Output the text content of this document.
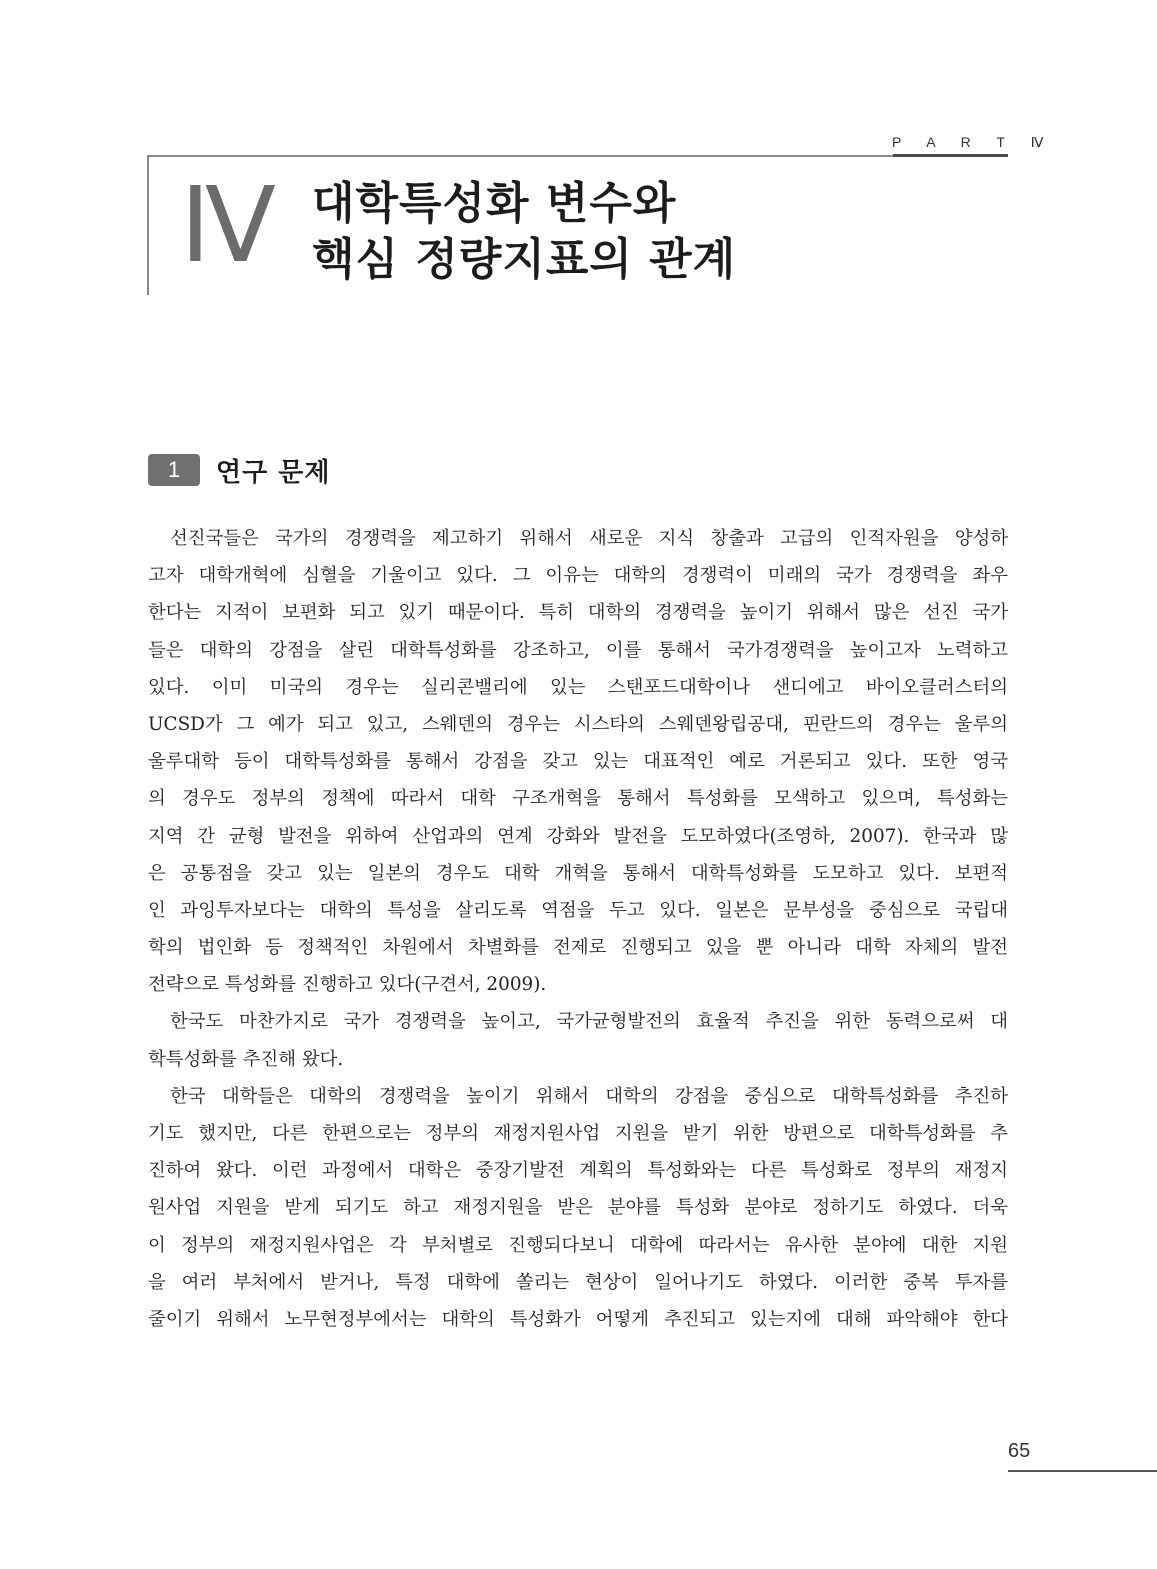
P A R T Ⅳ
Ⅳ 대학특성화 변수와
핵심 정량지표의 관계
1	연구 문제
선진국들은 국가의 경쟁력을 제고하기 위해서 새로운 지식 창출과 고급의 인적자원을 양성하
고자 대학개혁에 심혈을 기울이고 있다. 그 이유는 대학의 경쟁력이 미래의 국가 경쟁력을 좌우
한다는 지적이 보편화 되고 있기 때문이다. 특히 대학의 경쟁력을 높이기 위해서 많은 선진 국가
들은 대학의 강점을 살린 대학특성화를 강조하고, 이를 통해서 국가경쟁력을 높이고자 노력하고
있다. 이미 미국의 경우는 실리콘밸리에 있는 스탠포드대학이나 샌디에고 바이오클러스터의
UCSD가 그 예가 되고 있고, 스웨덴의 경우는 시스타의 스웨덴왕립공대, 핀란드의 경우는 울루의
울루대학 등이 대학특성화를 통해서 강점을 갖고 있는 대표적인 예로 거론되고 있다. 또한 영국
의 경우도 정부의 정책에 따라서 대학 구조개혁을 통해서 특성화를 모색하고 있으며, 특성화는
지역 간 균형 발전을 위하여 산업과의 연계 강화와 발전을 도모하였다(조영하, 2007). 한국과 많
은 공통점을 갖고 있는 일본의 경우도 대학 개혁을 통해서 대학특성화를 도모하고 있다. 보편적
인 과잉투자보다는 대학의 특성을 살리도록 역점을 두고 있다. 일본은 문부성을 중심으로 국립대
학의 법인화 등 정책적인 차원에서 차별화를 전제로 진행되고 있을 뿐 아니라 대학 자체의 발전
전략으로 특성화를 진행하고 있다(구견서, 2009).
한국도 마찬가지로 국가 경쟁력을 높이고, 국가균형발전의 효율적 추진을 위한 동력으로써 대
학특성화를 추진해 왔다.
한국 대학들은 대학의 경쟁력을 높이기 위해서 대학의 강점을 중심으로 대학특성화를 추진하
기도 했지만, 다른 한편으로는 정부의 재정지원사업 지원을 받기 위한 방편으로 대학특성화를 추
진하여 왔다. 이런 과정에서 대학은 중장기발전 계획의 특성화와는 다른 특성화로 정부의 재정지
원사업 지원을 받게 되기도 하고 재정지원을 받은 분야를 특성화 분야로 정하기도 하였다. 더욱
이 정부의 재정지원사업은 각 부처별로 진행되다보니 대학에 따라서는 유사한 분야에 대한 지원
을 여러 부처에서 받거나, 특정 대학에 쏠리는 현상이 일어나기도 하였다. 이러한 중복 투자를
줄이기 위해서 노무현정부에서는 대학의 특성화가 어떻게 추진되고 있는지에 대해 파악해야 한다
65
